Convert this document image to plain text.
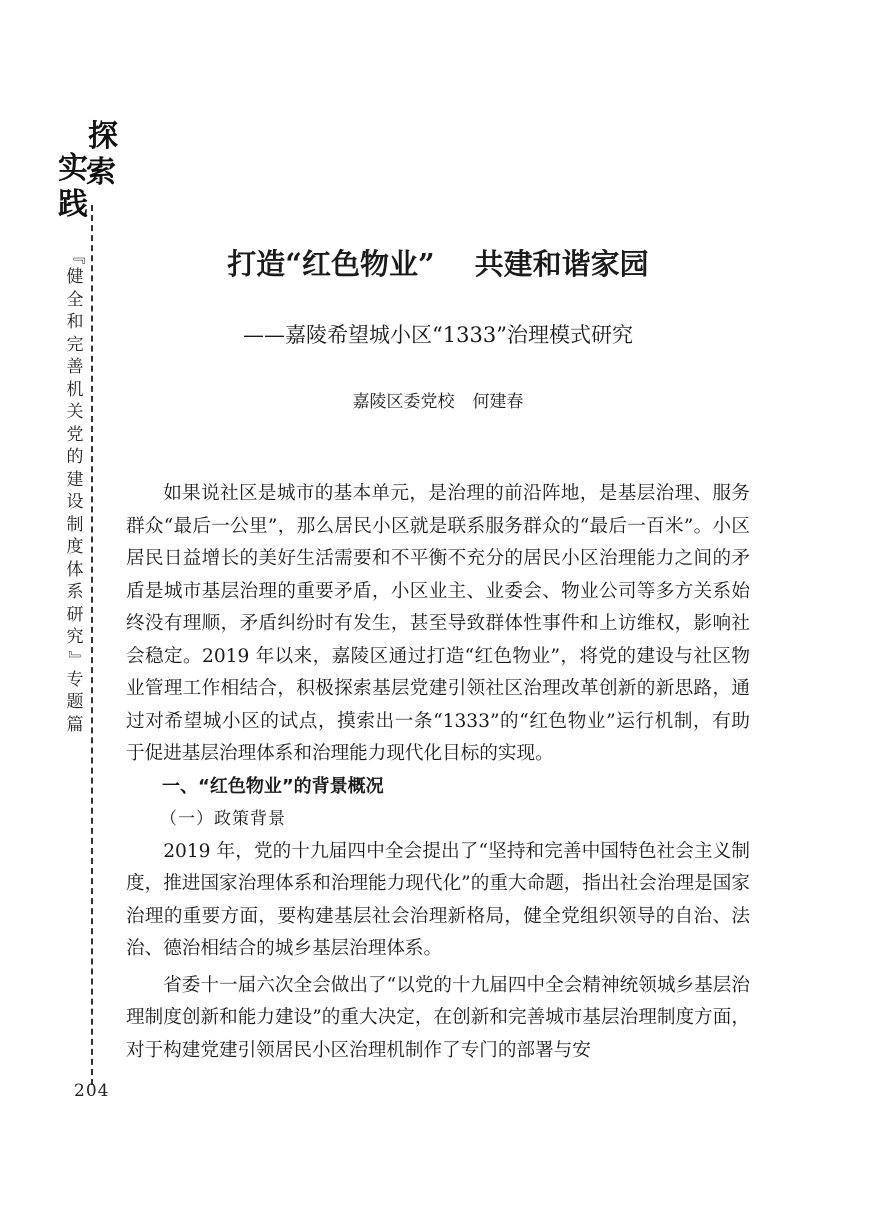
探
索
实
践
『
健
全
和
完
善
机
关
党
的
建
设
制
度
体
系
研
究
』
专
题
篇
204
打造“红色物业” 共建和谐家园
——嘉陵希望城小区“1333”治理模式研究
嘉陵区委党校 何建春

如果说社区是城市的基本单元，是治理的前沿阵地，是基层治理、服务群众“最后一公里”，那么居民小区就是联系服务群众的“最后一百米”。小区居民日益增长的美好生活需要和不平衡不充分的居民小区治理能力之间的矛盾是城市基层治理的重要矛盾，小区业主、业委会、物业公司等多方关系始终没有理顺，矛盾纠纷时有发生，甚至导致群体性事件和上访维权，影响社会稳定。2019 年以来，嘉陵区通过打造“红色物业”，将党的建设与社区物业管理工作相结合，积极探索基层党建引领社区治理改革创新的新思路，通过对希望城小区的试点，摸索出一条“1333”的“红色物业”运行机制，有助于促进基层治理体系和治理能力现代化目标的实现。

一、“红色物业”的背景概况

（一）政策背景

2019 年，党的十九届四中全会提出了“坚持和完善中国特色社会主义制度，推进国家治理体系和治理能力现代化”的重大命题，指出社会治理是国家治理的重要方面，要构建基层社会治理新格局，健全党组织领导的自治、法治、德治相结合的城乡基层治理体系。

省委十一届六次全会做出了“以党的十九届四中全会精神统领城乡基层治理制度创新和能力建设”的重大决定，在创新和完善城市基层治理制度方面，对于构建党建引领居民小区治理机制作了专门的部署与安
